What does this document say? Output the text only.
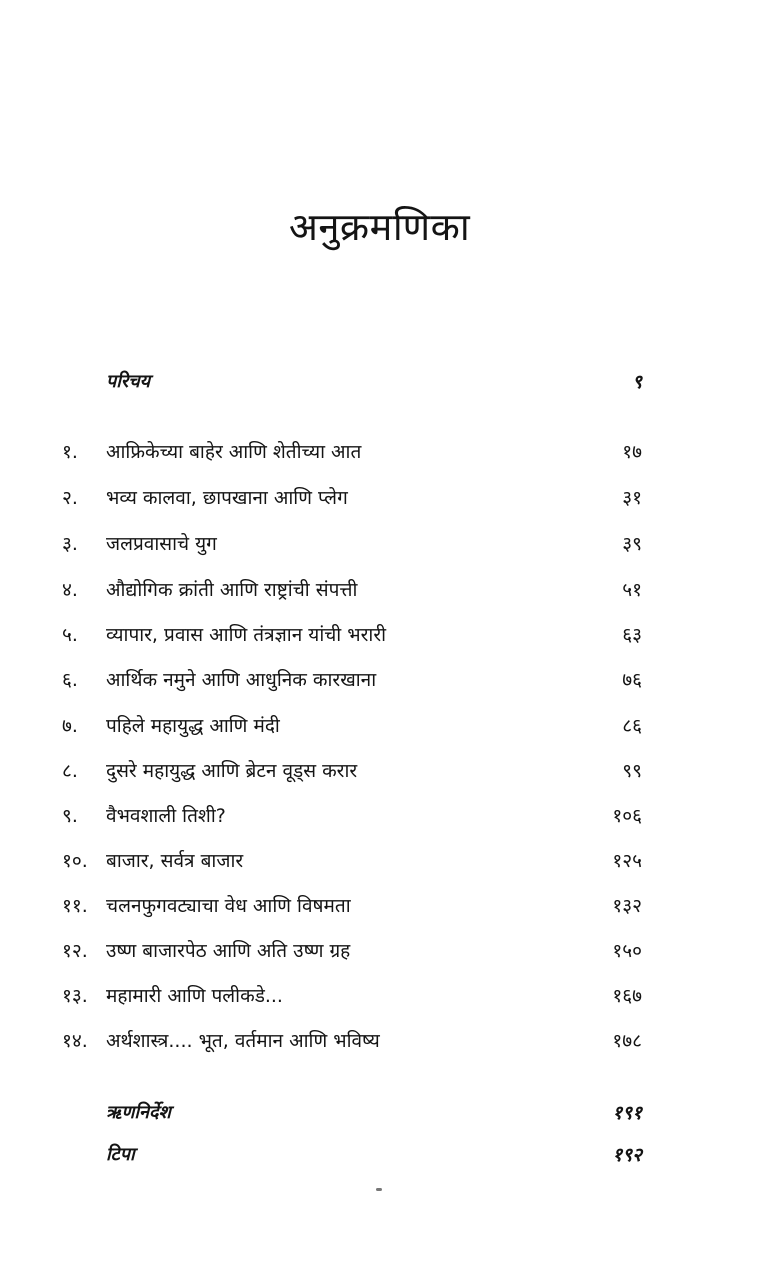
अनुक्रमणिका
परिचय	९
१.	आफ्रिकेच्या बाहेर आणि शेतीच्या आत	१७
२.	भव्य कालवा, छापखाना आणि प्लेग	३१
३.	जलप्रवासाचे युग	३९
४.	औद्योगिक क्रांती आणि राष्ट्रांची संपत्ती	५१
५.	व्यापार, प्रवास आणि तंत्रज्ञान यांची भरारी	६३
६.	आर्थिक नमुने आणि आधुनिक कारखाना	७६
७.	पहिले महायुद्ध आणि मंदी	८६
८.	दुसरे महायुद्ध आणि ब्रेटन वूड्स करार	९९
९.	वैभवशाली तिशी?	१०६
१०. बाजार, सर्वत्र बाजार	१२५
११. चलनफुगवट्याचा वेध आणि विषमता	१३२
१२. उष्ण बाजारपेठ आणि अति उष्ण ग्रह	१५०
१३. महामारी आणि पलीकडे...	१६७
१४. अर्थशास्त्र.... भूत, वर्तमान आणि भविष्य	१७८
ऋणनिर्देश	१९१
टिपा	१९२
